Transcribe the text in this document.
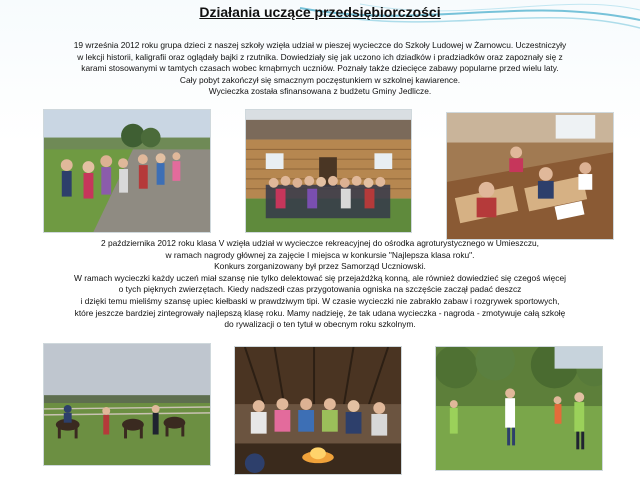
Działania uczące przedsiębiorczości
19 września 2012 roku grupa dzieci z naszej szkoły wzięła udział w pieszej wycieczce do Szkoły Ludowej w Żarnowcu. Uczestniczyły
w lekcji historii, kaligrafii oraz oglądały bajki z rzutnika. Dowiedziały się jak uczono ich dziadków i pradziadków oraz zapoznały się z
karami stosowanymi w tamtych czasach wobec krnąbrnych uczniów. Poznały także dziecięce zabawy popularne przed wielu laty.
Cały pobyt zakończył się smacznym poczęstunkiem w szkolnej kawiarence.
Wycieczka została sfinansowana z budżetu Gminy Jedlicze.
2 października 2012 roku klasa V wzięła udział w wycieczce rekreacyjnej do ośrodka agroturystycznego w Umieszczu,
w ramach nagrody głównej za zajęcie I miejsca w konkursie "Najlepsza klasa roku".
Konkurs zorganizowany był przez Samorząd Uczniowski.
W ramach wycieczki każdy uczeń miał szansę nie tylko delektować się przejażdżką konną, ale również dowiedzieć się czegoś więcej
o tych pięknych zwierzętach. Kiedy nadszedł czas przygotowania ogniska na szczęście zaczął padać deszcz
i dzięki temu mieliśmy szansę upiec kiełbaski w prawdziwym tipi. W czasie wycieczki nie zabrakło zabaw i rozgrywek sportowych,
które jeszcze bardziej zintegrowały najlepszą klasę roku. Mamy nadzieję, że tak udana wycieczka - nagroda - zmotywuje całą szkołę
do rywalizacji o ten tytuł w obecnym roku szkolnym.
